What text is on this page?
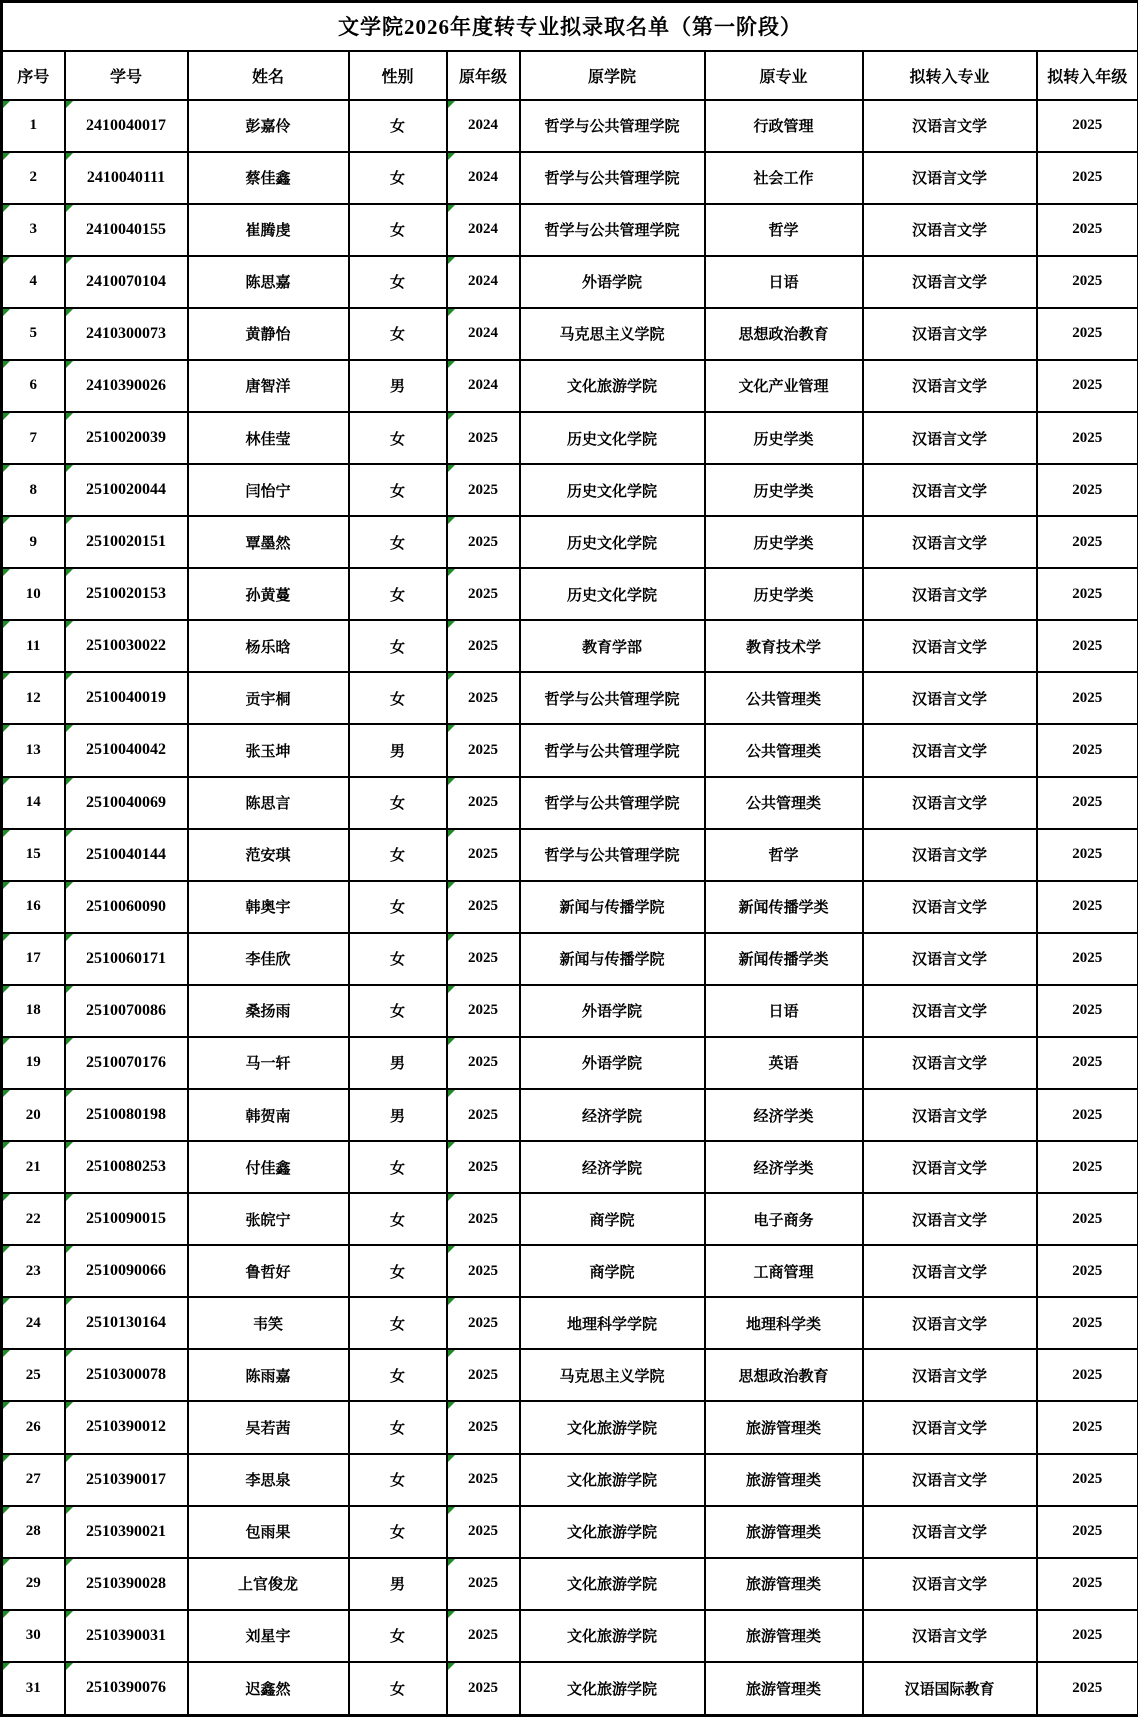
文学院2026年度转专业拟录取名单（第一阶段）								
序号	学号	姓名	性别	原年级	原学院	原专业	拟转入专业	拟转入年级

1	2410040017	彭嘉伶	女	2024	哲学与公共管理学院	行政管理	汉语言文学	2025

2	2410040111	蔡佳鑫	女	2024	哲学与公共管理学院	社会工作	汉语言文学	2025

3	2410040155	崔腾虔	女	2024	哲学与公共管理学院	哲学	汉语言文学	2025

4	2410070104	陈思嘉	女	2024	外语学院	日语	汉语言文学	2025

5	2410300073	黄静怡	女	2024	马克思主义学院	思想政治教育	汉语言文学	2025

6	2410390026	唐智洋	男	2024	文化旅游学院	文化产业管理	汉语言文学	2025

7	2510020039	林佳莹	女	2025	历史文化学院	历史学类	汉语言文学	2025

8	2510020044	闫怡宁	女	2025	历史文化学院	历史学类	汉语言文学	2025

9	2510020151	覃墨然	女	2025	历史文化学院	历史学类	汉语言文学	2025

10	2510020153	孙黄蔓	女	2025	历史文化学院	历史学类	汉语言文学	2025

11	2510030022	杨乐晗	女	2025	教育学部	教育技术学	汉语言文学	2025

12	2510040019	贡宇桐	女	2025	哲学与公共管理学院	公共管理类	汉语言文学	2025

13	2510040042	张玉坤	男	2025	哲学与公共管理学院	公共管理类	汉语言文学	2025

14	2510040069	陈思言	女	2025	哲学与公共管理学院	公共管理类	汉语言文学	2025

15	2510040144	范安琪	女	2025	哲学与公共管理学院	哲学	汉语言文学	2025

16	2510060090	韩奥宇	女	2025	新闻与传播学院	新闻传播学类	汉语言文学	2025

17	2510060171	李佳欣	女	2025	新闻与传播学院	新闻传播学类	汉语言文学	2025

18	2510070086	桑扬雨	女	2025	外语学院	日语	汉语言文学	2025

19	2510070176	马一轩	男	2025	外语学院	英语	汉语言文学	2025

20	2510080198	韩贺南	男	2025	经济学院	经济学类	汉语言文学	2025

21	2510080253	付佳鑫	女	2025	经济学院	经济学类	汉语言文学	2025

22	2510090015	张皖宁	女	2025	商学院	电子商务	汉语言文学	2025

23	2510090066	鲁哲好	女	2025	商学院	工商管理	汉语言文学	2025

24	2510130164	韦笑	女	2025	地理科学学院	地理科学类	汉语言文学	2025

25	2510300078	陈雨嘉	女	2025	马克思主义学院	思想政治教育	汉语言文学	2025

26	2510390012	吴若茜	女	2025	文化旅游学院	旅游管理类	汉语言文学	2025

27	2510390017	李思泉	女	2025	文化旅游学院	旅游管理类	汉语言文学	2025

28	2510390021	包雨果	女	2025	文化旅游学院	旅游管理类	汉语言文学	2025

29	2510390028	上官俊龙	男	2025	文化旅游学院	旅游管理类	汉语言文学	2025

30	2510390031	刘星宇	女	2025	文化旅游学院	旅游管理类	汉语言文学	2025

31	2510390076	迟鑫然	女	2025	文化旅游学院	旅游管理类	汉语国际教育	2025
